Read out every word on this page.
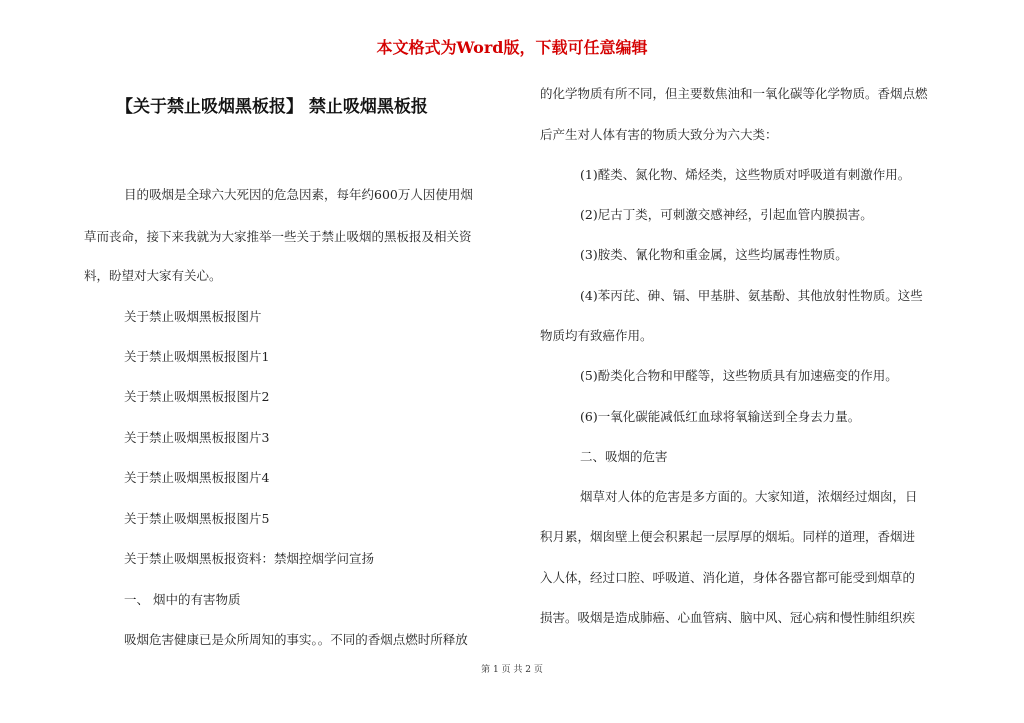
本文格式为Word版，下载可任意编辑
【关于禁止吸烟黑板报】 禁止吸烟黑板报
目的吸烟是全球六大死因的危急因素，每年约600万人因使用烟
草而丧命，接下来我就为大家推举一些关于禁止吸烟的黑板报及相关资
料，盼望对大家有关心。
关于禁止吸烟黑板报图片
关于禁止吸烟黑板报图片1
关于禁止吸烟黑板报图片2
关于禁止吸烟黑板报图片3
关于禁止吸烟黑板报图片4
关于禁止吸烟黑板报图片5
关于禁止吸烟黑板报资料：禁烟控烟学问宣扬
一、 烟中的有害物质
吸烟危害健康已是众所周知的事实。。不同的香烟点燃时所释放
的化学物质有所不同，但主要数焦油和一氧化碳等化学物质。香烟点燃
后产生对人体有害的物质大致分为六大类：
(1)醛类、氮化物、烯烃类，这些物质对呼吸道有刺激作用。
(2)尼古丁类，可刺激交感神经，引起血管内膜损害。
(3)胺类、氰化物和重金属，这些均属毒性物质。
(4)苯丙芘、砷、镉、甲基肼、氨基酚、其他放射性物质。这些
物质均有致癌作用。
(5)酚类化合物和甲醛等，这些物质具有加速癌变的作用。
(6)一氧化碳能减低红血球将氧输送到全身去力量。
二、吸烟的危害
烟草对人体的危害是多方面的。大家知道，浓烟经过烟囱，日
积月累，烟囱壁上便会积累起一层厚厚的烟垢。同样的道理，香烟进
入人体，经过口腔、呼吸道、消化道，身体各器官都可能受到烟草的
损害。吸烟是造成肺癌、心血管病、脑中风、冠心病和慢性肺组织疾
第 1 页 共 2 页
